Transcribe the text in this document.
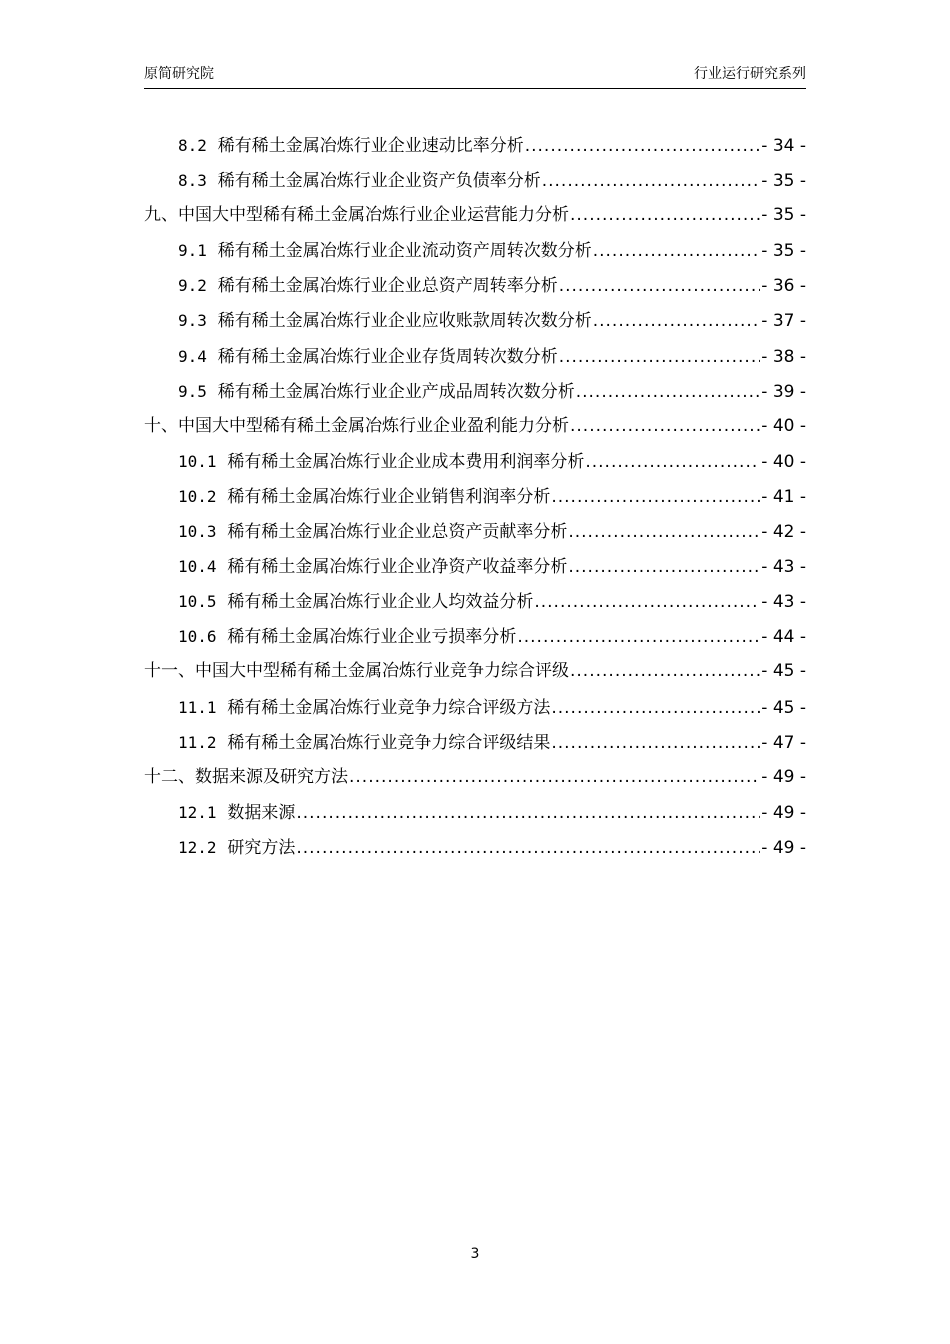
原简研究院	行业运行研究系列
8.2 稀有稀土金属冶炼行业企业速动比率分析 .....	- 34 -
8.3 稀有稀土金属冶炼行业企业资产负债率分析 .....	- 35 -
九、中国大中型稀有稀土金属冶炼行业企业运营能力分析 .....	- 35 -
9.1 稀有稀土金属冶炼行业企业流动资产周转次数分析 .....	- 35 -
9.2 稀有稀土金属冶炼行业企业总资产周转率分析 .....	- 36 -
9.3 稀有稀土金属冶炼行业企业应收账款周转次数分析 .....	- 37 -
9.4 稀有稀土金属冶炼行业企业存货周转次数分析 .....	- 38 -
9.5 稀有稀土金属冶炼行业企业产成品周转次数分析 .....	- 39 -
十、中国大中型稀有稀土金属冶炼行业企业盈利能力分析 .....	- 40 -
10.1 稀有稀土金属冶炼行业企业成本费用利润率分析 .....	- 40 -
10.2 稀有稀土金属冶炼行业企业销售利润率分析 .....	- 41 -
10.3 稀有稀土金属冶炼行业企业总资产贡献率分析 .....	- 42 -
10.4 稀有稀土金属冶炼行业企业净资产收益率分析 .....	- 43 -
10.5 稀有稀土金属冶炼行业企业人均效益分析 .....	- 43 -
10.6 稀有稀土金属冶炼行业企业亏损率分析 .....	- 44 -
十一、中国大中型稀有稀土金属冶炼行业竞争力综合评级 .....	- 45 -
11.1 稀有稀土金属冶炼行业竞争力综合评级方法 .....	- 45 -
11.2 稀有稀土金属冶炼行业竞争力综合评级结果 .....	- 47 -
十二、数据来源及研究方法 .....	- 49 -
12.1 数据来源 .....	- 49 -
12.2 研究方法 .....	- 49 -
3
